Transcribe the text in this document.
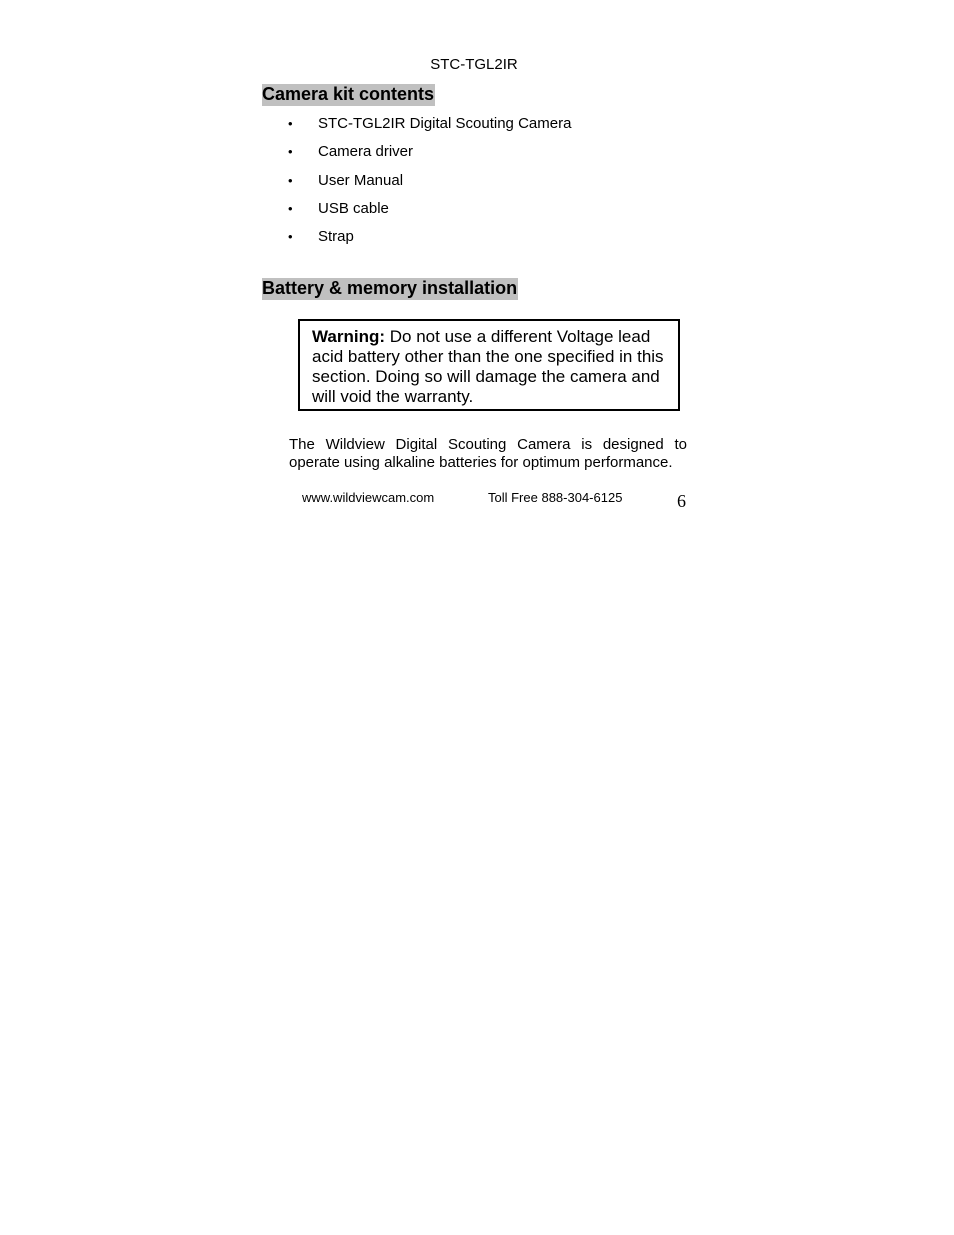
STC-TGL2IR
Camera kit contents
• STC-TGL2IR Digital Scouting Camera
• Camera driver
• User Manual
• USB cable
• Strap
Battery & memory installation
Warning: Do not use a different Voltage lead acid battery other than the one specified in this section. Doing so will damage the camera and will void the warranty.

The Wildview Digital Scouting Camera is designed to
operate using alkaline batteries for optimum performance.

www.wildviewcam.com	Toll Free 888-304-6125	6
